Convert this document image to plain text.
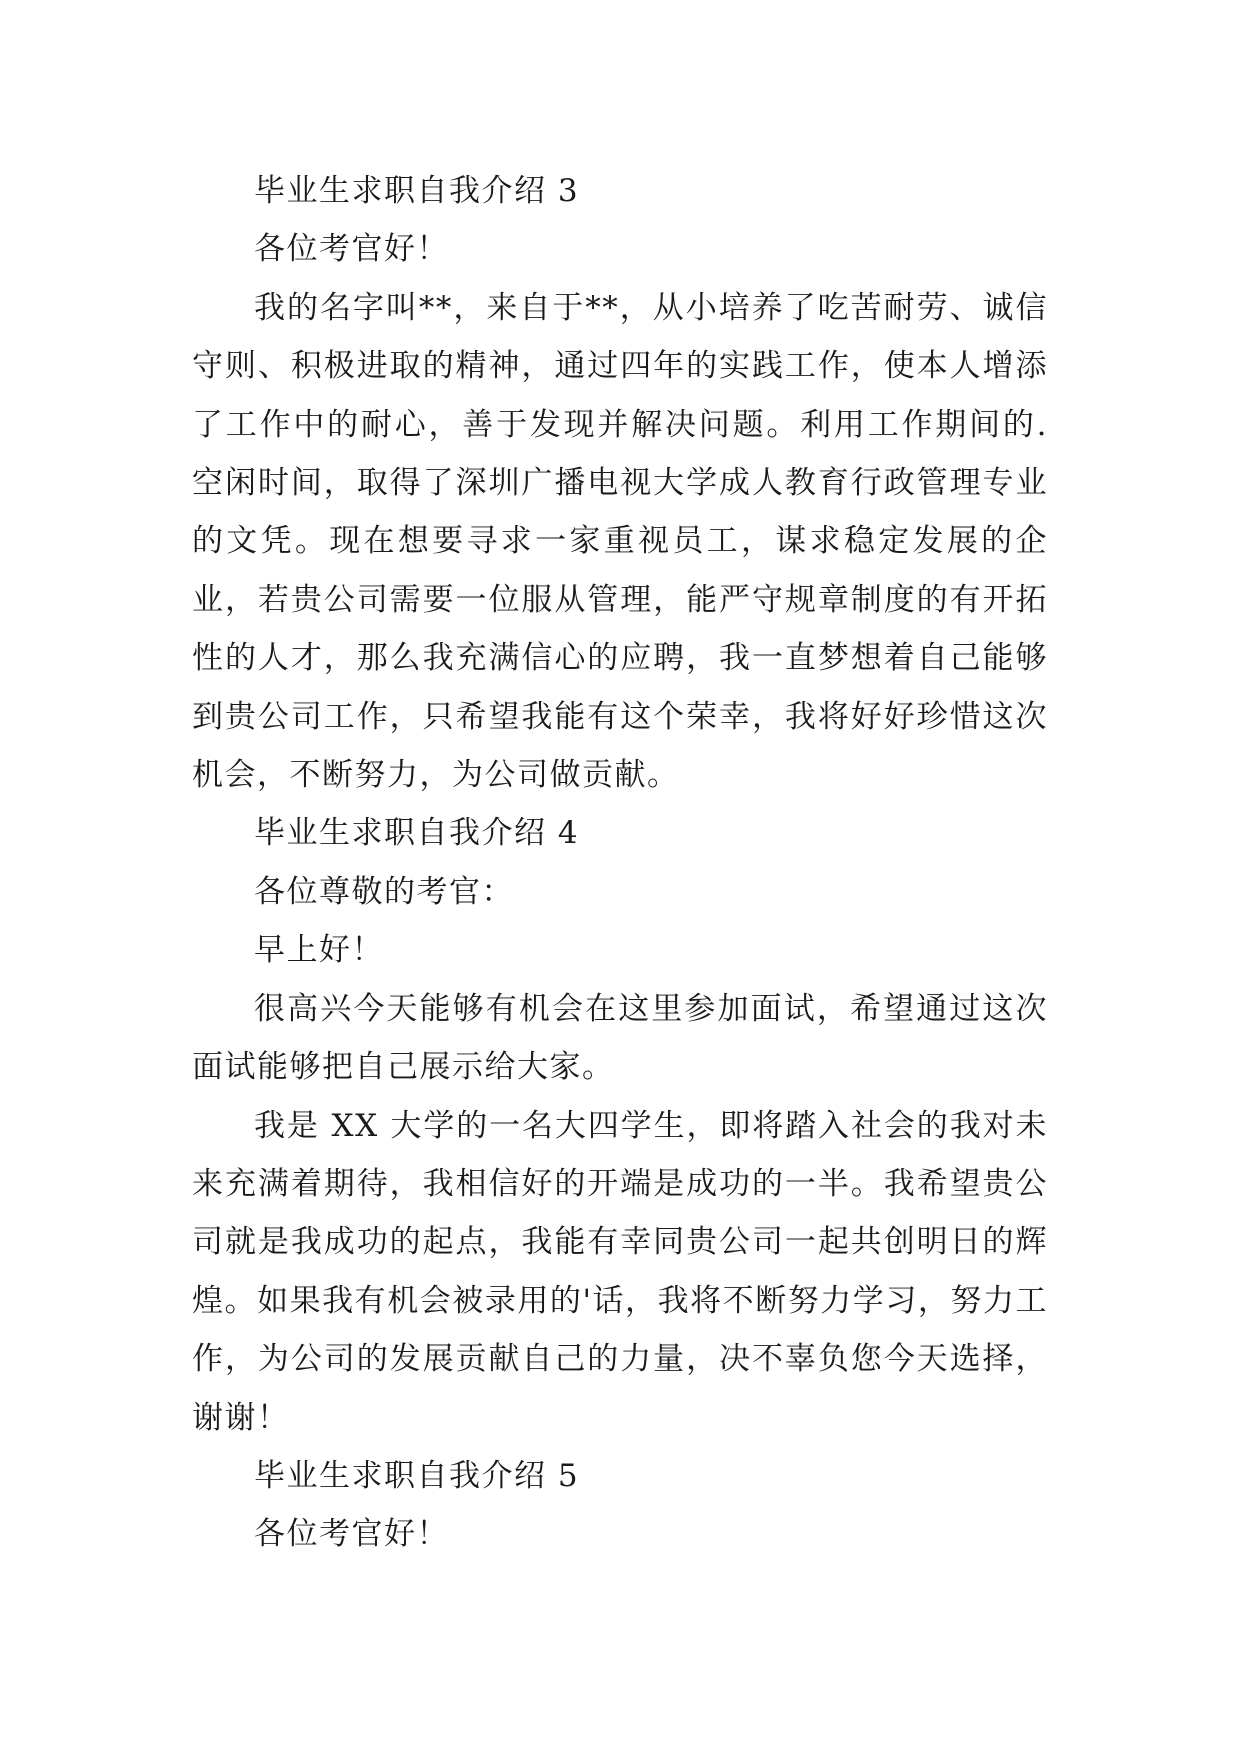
毕业生求职自我介绍 3

各位考官好！

我的名字叫**，来自于**，从小培养了吃苦耐劳、诚信守则、积极进取的精神，通过四年的实践工作，使本人增添了工作中的耐心，善于发现并解决问题。利用工作期间的.空闲时间，取得了深圳广播电视大学成人教育行政管理专业的文凭。现在想要寻求一家重视员工，谋求稳定发展的企业，若贵公司需要一位服从管理，能严守规章制度的有开拓性的人才，那么我充满信心的应聘，我一直梦想着自己能够到贵公司工作，只希望我能有这个荣幸，我将好好珍惜这次机会，不断努力，为公司做贡献。

毕业生求职自我介绍 4

各位尊敬的考官：

早上好！

很高兴今天能够有机会在这里参加面试，希望通过这次面试能够把自己展示给大家。

我是 XX 大学的一名大四学生，即将踏入社会的我对未来充满着期待，我相信好的开端是成功的一半。我希望贵公司就是我成功的起点，我能有幸同贵公司一起共创明日的辉煌。如果我有机会被录用的'话，我将不断努力学习，努力工作，为公司的发展贡献自己的力量，决不辜负您今天选择，谢谢！

毕业生求职自我介绍 5

各位考官好！
